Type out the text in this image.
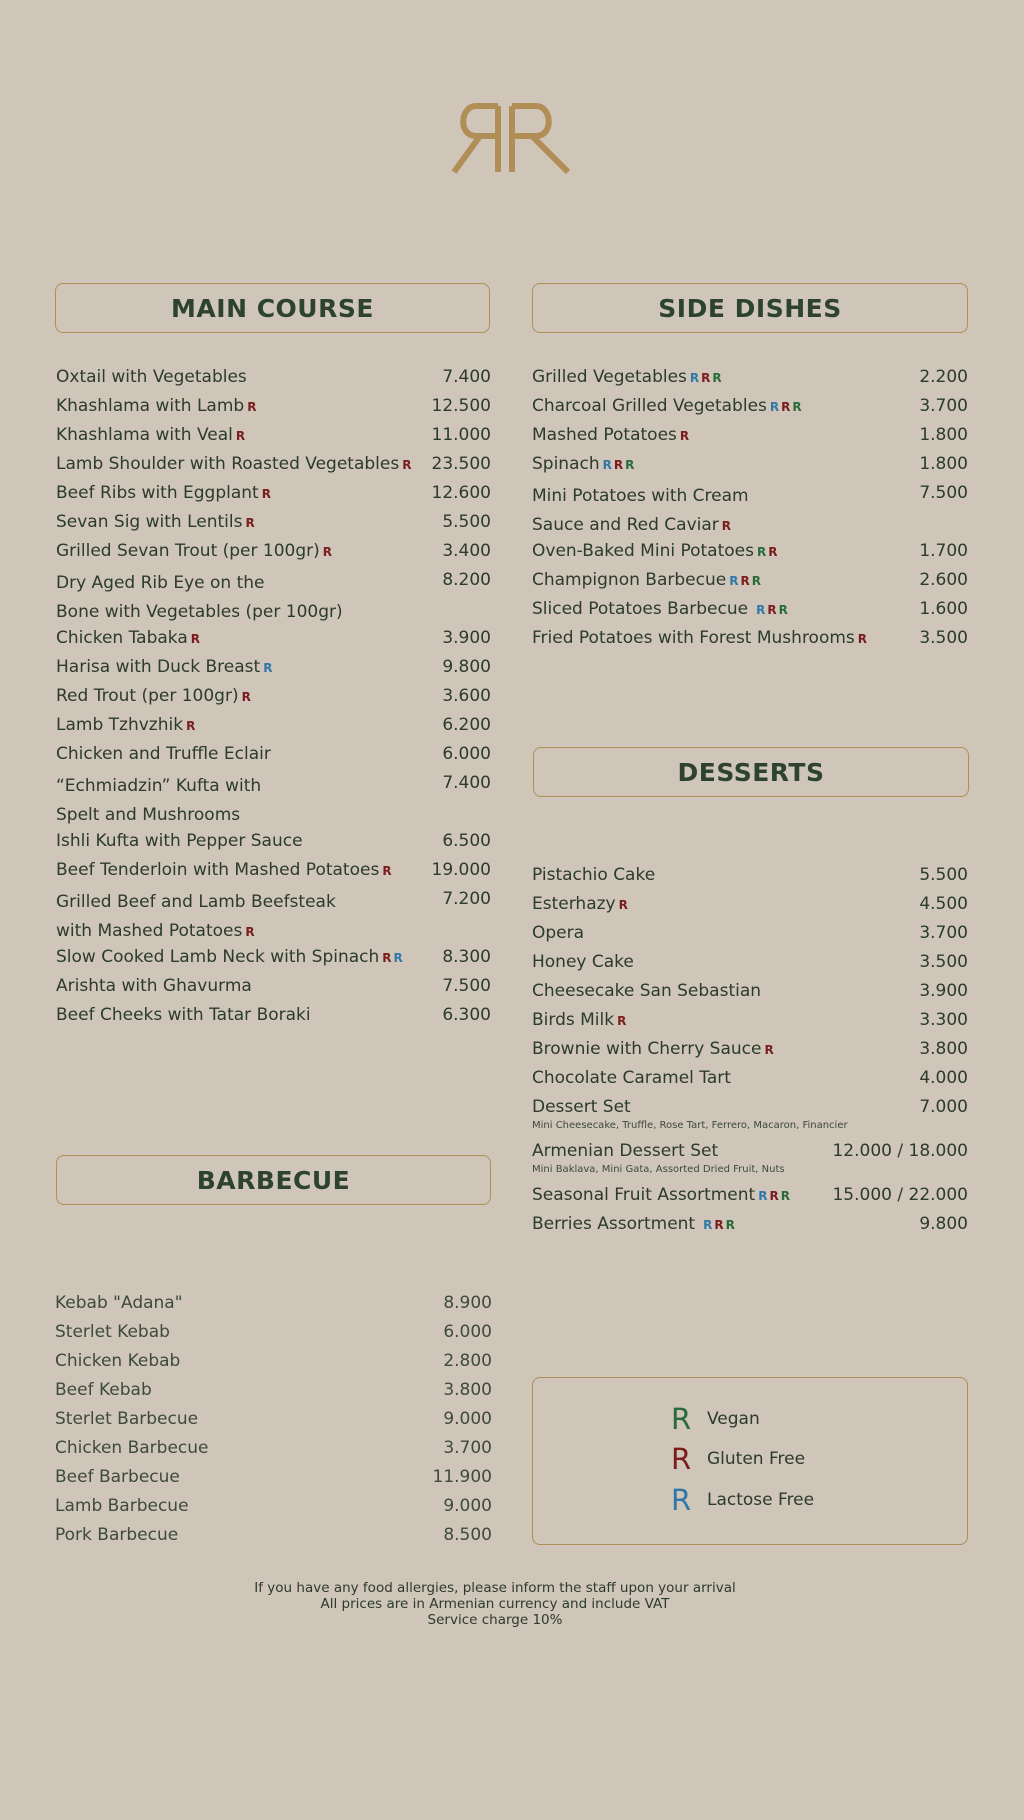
MAIN COURSE
Oxtail with Vegetables	7.400
Khashlama with Lamb R	12.500
Khashlama with Veal R	11.000
Lamb Shoulder with Roasted Vegetables R 23.500
Beef Ribs with Eggplant R	12.600
Sevan Sig with Lentils R	5.500
Grilled Sevan Trout (per 100gr) R	3.400
Dry Aged Rib Eye on the
Bone with Vegetables (per 100gr)
8.200
Chicken Tabaka R	3.900
Harisa with Duck Breast R	9.800
Red Trout (per 100gr) R	3.600
Lamb Tzhvzhik R	6.200
Chicken and Truffle Eclair	6.000
“Echmiadzin” Kufta with
Spelt and Mushrooms
7.400
Ishli Kufta with Pepper Sauce	6.500
Beef Tenderloin with Mashed Potatoes R 19.000
Grilled Beef and Lamb Beefsteak
with Mashed Potatoes R
7.200
Slow Cooked Lamb Neck with Spinach R R 8.300
Arishta with Ghavurma	7.500
Beef Cheeks with Tatar Boraki	6.300
SIDE DISHES
Grilled Vegetables R R R	2.200
Charcoal Grilled Vegetables R R R	3.700
Mashed Potatoes R	1.800
Spinach R R R	1.800
Mini Potatoes with Cream
Sauce and Red Caviar R
7.500
Oven-Baked Mini Potatoes R R	1.700
Champignon Barbecue R R R	2.600
Sliced Potatoes Barbecue R R R	1.600
Fried Potatoes with Forest Mushrooms R	3.500
DESSERTS
Pistachio Cake	5.500
Esterhazy R	4.500
Opera	3.700
Honey Cake	3.500
Cheesecake San Sebastian	3.900
Birds Milk R	3.300
Brownie with Cherry Sauce R	3.800
Chocolate Caramel Tart	4.000
Dessert Set
Mini Cheesecake, Truffle, Rose Tart, Ferrero, Macaron, Financier
7.000
Armenian Dessert Set
Mini Baklava, Mini Gata, Assorted Dried Fruit, Nuts
12.000 / 18.000
Seasonal Fruit Assortment R R R	15.000 / 22.000
Berries Assortment R R R	9.800
BARBECUE
Kebab "Adana"	8.900
Sterlet Kebab	6.000
Chicken Kebab	2.800
Beef Kebab	3.800
Sterlet Barbecue	9.000
Chicken Barbecue	3.700
Beef Barbecue	11.900
Lamb Barbecue	9.000
Pork Barbecue	8.500
R Vegan
R Gluten Free
R Lactose Free
If you have any food allergies, please inform the staff upon your arrival
All prices are in Armenian currency and include VAT
Service charge 10%
